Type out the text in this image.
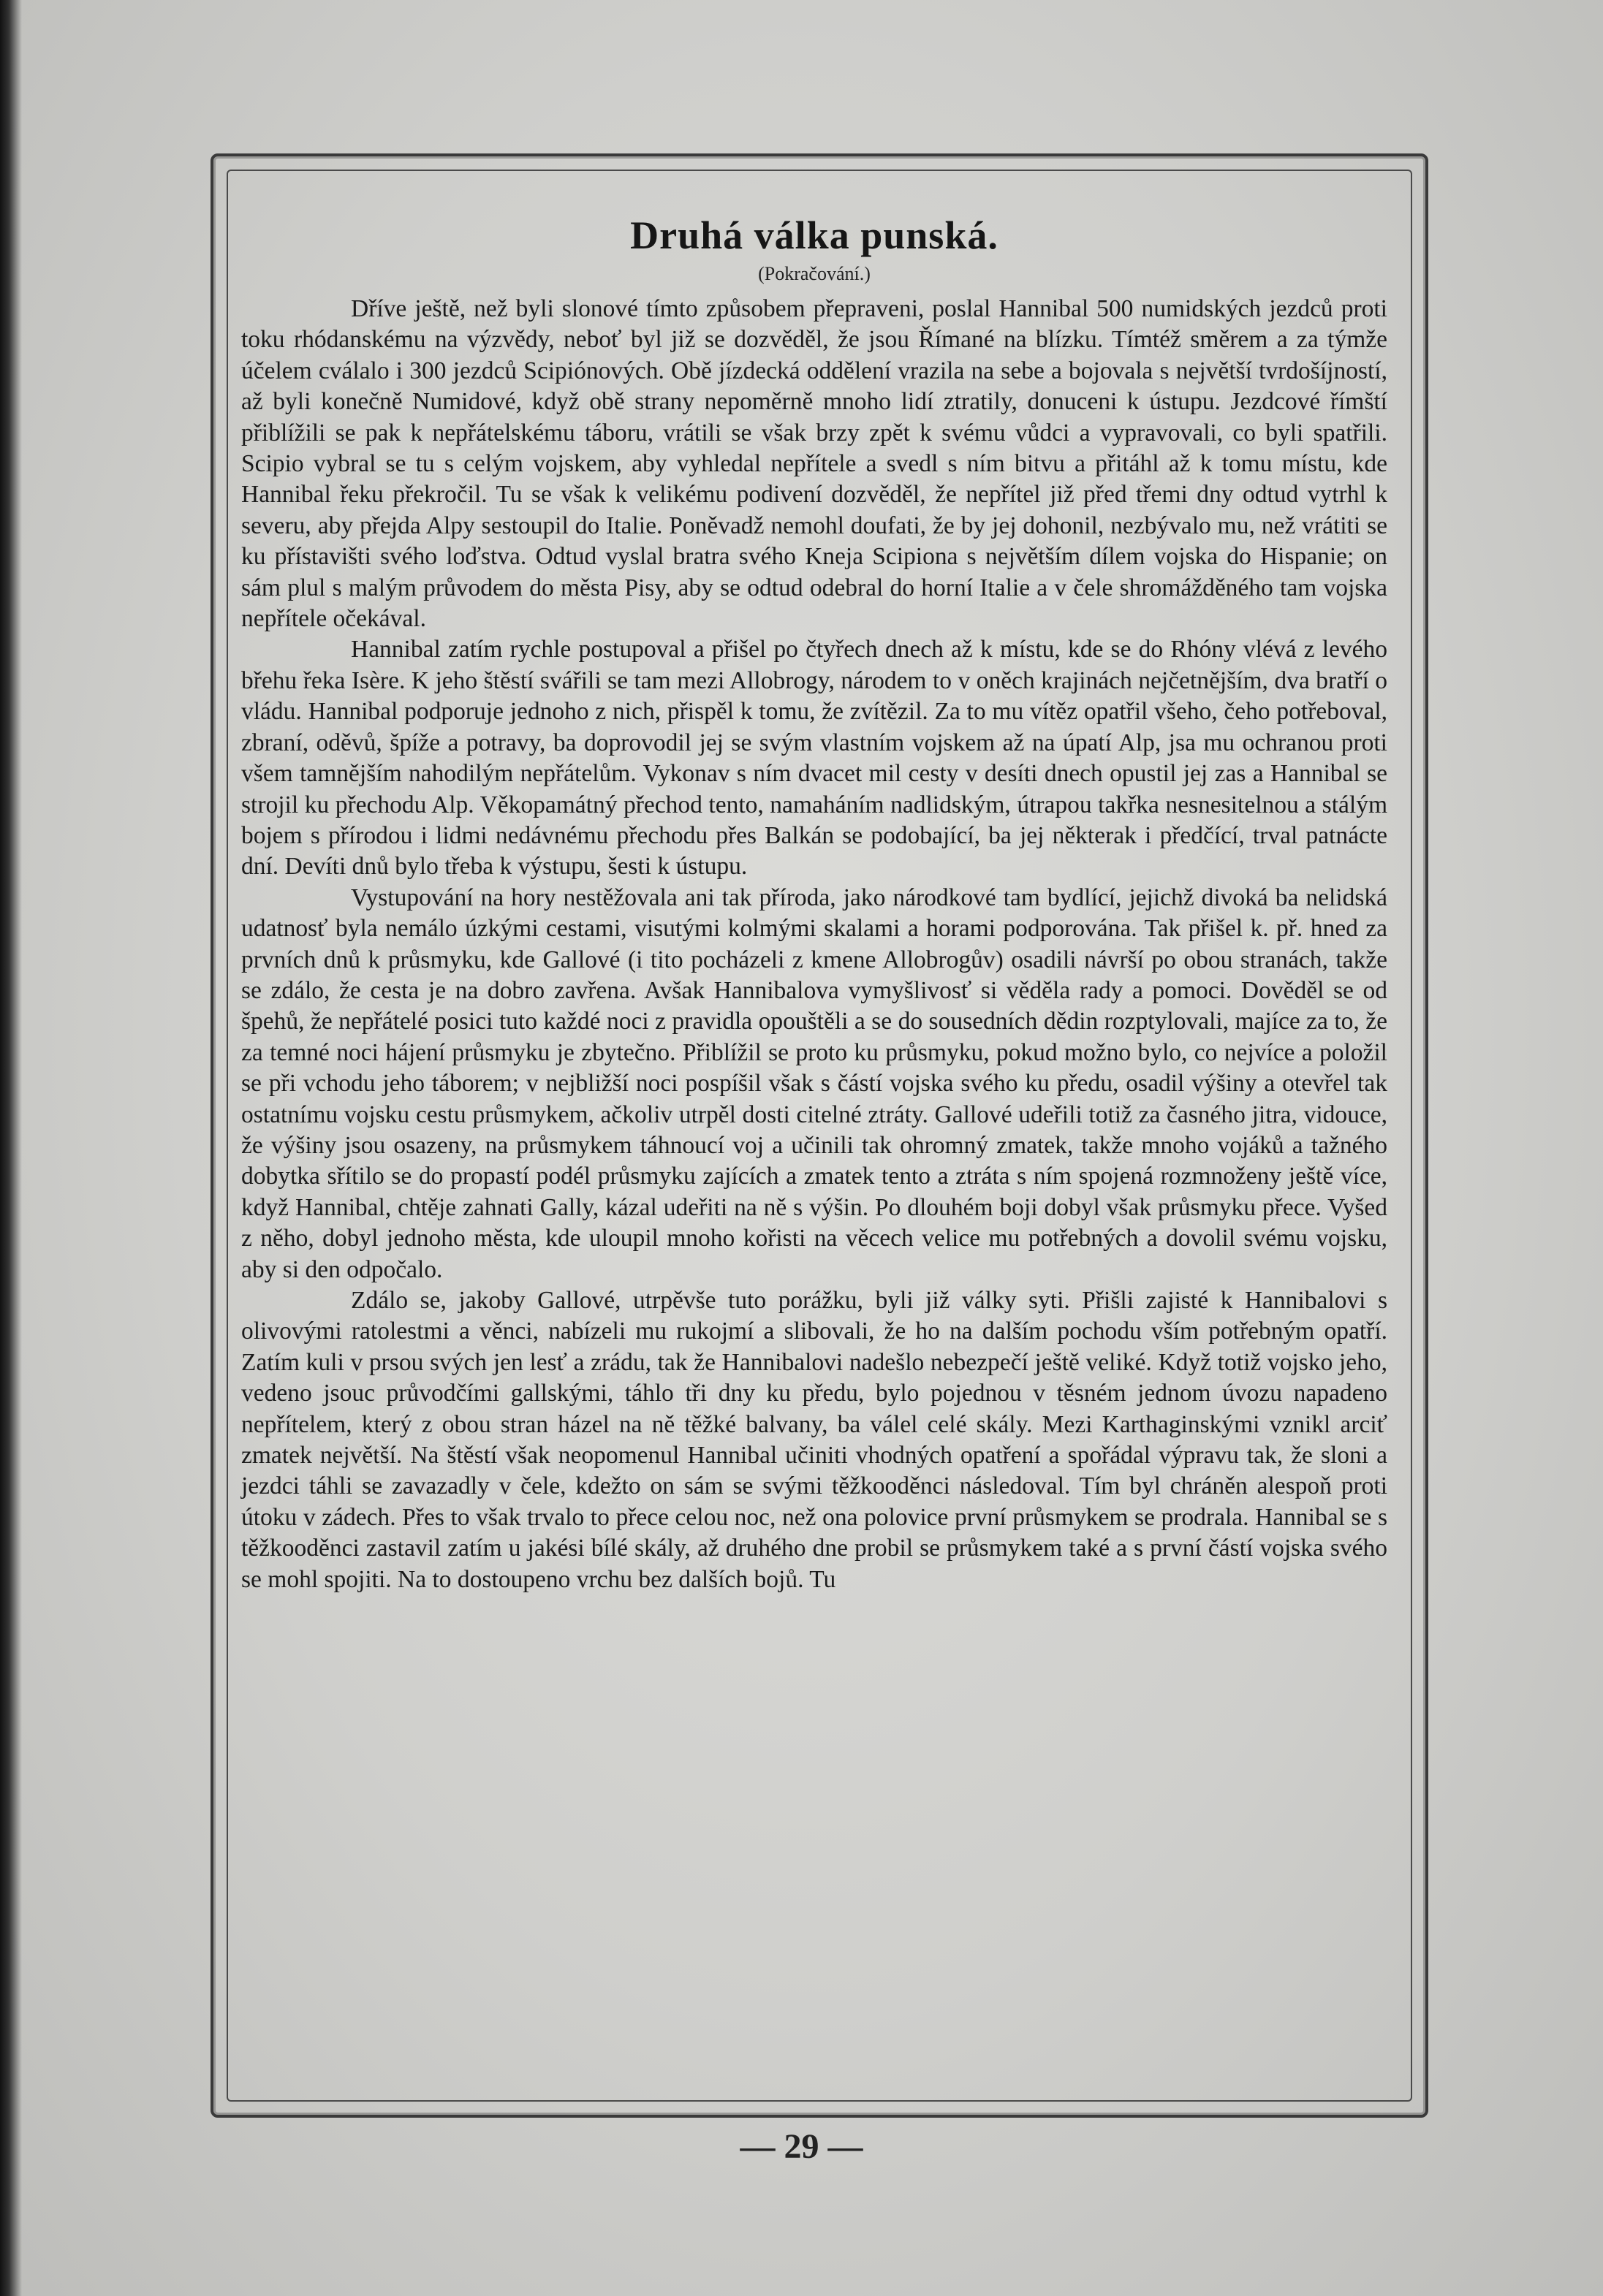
Druhá válka punská.
(Pokračování.)

Dříve ještě, než byli slonové tímto způsobem přepraveni, poslal Hannibal 500 numidských jezdců proti toku rhódanskému na výzvědy, neboť byl již se dozvěděl, že jsou Římané na blízku. Tímtéž směrem a za týmže účelem cválalo i 300 jezdců Scipiónových. Obě jízdecká oddělení vrazila na sebe a bojovala s největší tvrdošíjností, až byli konečně Numidové, když obě strany nepoměrně mnoho lidí ztratily, donuceni k ústupu. Jezdcové římští přiblížili se pak k nepřátelskému táboru, vrátili se však brzy zpět k svému vůdci a vypravovali, co byli spatřili. Scipio vybral se tu s celým vojskem, aby vyhledal nepřítele a svedl s ním bitvu a přitáhl až k tomu místu, kde Hannibal řeku překročil. Tu se však k velikému podivení dozvěděl, že nepřítel již před třemi dny odtud vytrhl k severu, aby přejda Alpy sestoupil do Italie. Poněvadž nemohl doufati, že by jej dohonil, nezbývalo mu, než vrátiti se ku přístavišti svého loďstva. Odtud vyslal bratra svého Kneja Scipiona s největším dílem vojska do Hispanie; on sám plul s malým průvodem do města Pisy, aby se odtud odebral do horní Italie a v čele shromážděného tam vojska nepřítele očekával.

Hannibal zatím rychle postupoval a přišel po čtyřech dnech až k místu, kde se do Rhóny vlévá z levého břehu řeka Isère. K jeho štěstí svářili se tam mezi Allobrogy, národem to v oněch krajinách nejčetnějším, dva bratří o vládu. Hannibal podporuje jednoho z nich, přispěl k tomu, že zvítězil. Za to mu vítěz opatřil všeho, čeho potřeboval, zbraní, oděvů, špíže a potravy, ba doprovodil jej se svým vlastním vojskem až na úpatí Alp, jsa mu ochranou proti všem tamnějším nahodilým nepřátelům. Vykonav s ním dvacet mil cesty v desíti dnech opustil jej zas a Hannibal se strojil ku přechodu Alp. Věkopamátný přechod tento, namaháním nadlidským, útrapou takřka nesnesitelnou a stálým bojem s přírodou i lidmi nedávnému přechodu přes Balkán se podobající, ba jej některak i předčící, trval patnácte dní. Devíti dnů bylo třeba k výstupu, šesti k ústupu.

Vystupování na hory nestěžovala ani tak příroda, jako národkové tam bydlící, jejichž divoká ba nelidská udatnosť byla nemálo úzkými cestami, visutými kolmými skalami a horami podporována. Tak přišel k. př. hned za prvních dnů k průsmyku, kde Gallové (i tito pocházeli z kmene Allobrogův) osadili návrší po obou stranách, takže se zdálo, že cesta je na dobro zavřena. Avšak Hannibalova vymyšlivosť si věděla rady a pomoci. Dověděl se od špehů, že nepřátelé posici tuto každé noci z pravidla opouštěli a se do sousedních dědin rozptylovali, majíce za to, že za temné noci hájení průsmyku je zbytečno. Přiblížil se proto ku průsmyku, pokud možno bylo, co nejvíce a položil se při vchodu jeho táborem; v nejbližší noci pospíšil však s částí vojska svého ku předu, osadil výšiny a otevřel tak ostatnímu vojsku cestu průsmykem, ačkoliv utrpěl dosti citelné ztráty. Gallové udeřili totiž za časného jitra, vidouce, že výšiny jsou osazeny, na průsmykem táhnoucí voj a učinili tak ohromný zmatek, takže mnoho vojáků a tažného dobytka sřítilo se do propastí podél průsmyku zajících a zmatek tento a ztráta s ním spojená rozmnoženy ještě více, když Hannibal, chtěje zahnati Gally, kázal udeřiti na ně s výšin. Po dlouhém boji dobyl však průsmyku přece. Vyšed z něho, dobyl jednoho města, kde uloupil mnoho kořisti na věcech velice mu potřebných a dovolil svému vojsku, aby si den odpočalo.

Zdálo se, jakoby Gallové, utrpěvše tuto porážku, byli již války syti. Přišli zajisté k Hannibalovi s olivovými ratolestmi a věnci, nabízeli mu rukojmí a slibovali, že ho na dalším pochodu vším potřebným opatří. Zatím kuli v prsou svých jen lesť a zrádu, tak že Hannibalovi nadešlo nebezpečí ještě veliké. Když totiž vojsko jeho, vedeno jsouc průvodčími gallskými, táhlo tři dny ku předu, bylo pojednou v těsném jednom úvozu napadeno nepřítelem, který z obou stran házel na ně těžké balvany, ba válel celé skály. Mezi Karthaginskými vznikl arciť zmatek největší. Na štěstí však neopomenul Hannibal učiniti vhodných opatření a spořádal výpravu tak, že sloni a jezdci táhli se zavazadly v čele, kdežto on sám se svými těžkooděnci následoval. Tím byl chráněn alespoň proti útoku v zádech. Přes to však trvalo to přece celou noc, než ona polovice první průsmykem se prodrala. Hannibal se s těžkooděnci zastavil zatím u jakési bílé skály, až druhého dne probil se průsmykem také a s první částí vojska svého se mohl spojiti. Na to dostoupeno vrchu bez dalších bojů. Tu

— 29 —
